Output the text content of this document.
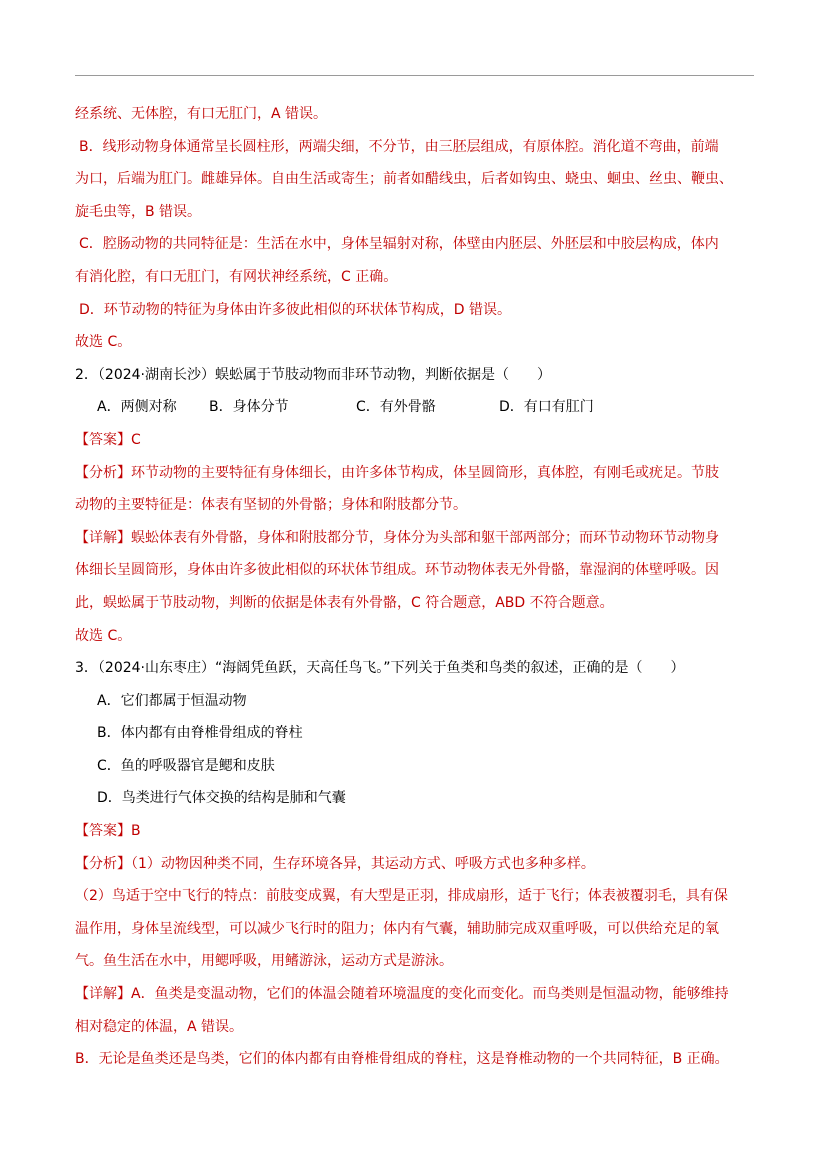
经系统、无体腔，有口无肛门，A 错误。
B．线形动物身体通常呈长圆柱形，两端尖细，不分节，由三胚层组成，有原体腔。消化道不弯曲，前端
为口，后端为肛门。雌雄异体。自由生活或寄生；前者如醋线虫，后者如钩虫、蛲虫、蛔虫、丝虫、鞭虫、
旋毛虫等，B 错误。
C．腔肠动物的共同特征是：生活在水中，身体呈辐射对称，体壁由内胚层、外胚层和中胶层构成，体内
有消化腔，有口无肛门，有网状神经系统，C 正确。
D．环节动物的特征为身体由许多彼此相似的环状体节构成，D 错误。
故选 C。
2．（2024·湖南长沙）蜈蚣属于节肢动物而非环节动物，判断依据是（　　）
A．两侧对称 B．身体分节	C．有外骨骼	D．有口有肛门
【答案】C
【分析】环节动物的主要特征有身体细长，由许多体节构成，体呈圆筒形，真体腔，有刚毛或疣足。节肢
动物的主要特征是：体表有坚韧的外骨骼；身体和附肢都分节。
【详解】蜈蚣体表有外骨骼，身体和附肢都分节，身体分为头部和躯干部两部分；而环节动物环节动物身
体细长呈圆筒形，身体由许多彼此相似的环状体节组成。环节动物体表无外骨骼，靠湿润的体壁呼吸。因
此，蜈蚣属于节肢动物，判断的依据是体表有外骨骼，C 符合题意，ABD 不符合题意。
故选 C。
3．（2024·山东枣庄）“海阔凭鱼跃，天高任鸟飞。”下列关于鱼类和鸟类的叙述，正确的是（　　）
A．它们都属于恒温动物
B．体内都有由脊椎骨组成的脊柱
C．鱼的呼吸器官是鳃和皮肤
D．鸟类进行气体交换的结构是肺和气囊
【答案】B
【分析】（1）动物因种类不同，生存环境各异，其运动方式、呼吸方式也多种多样。
（2）鸟适于空中飞行的特点：前肢变成翼，有大型是正羽，排成扇形，适于飞行；体表被覆羽毛，具有保
温作用，身体呈流线型，可以减少飞行时的阻力；体内有气囊，辅助肺完成双重呼吸，可以供给充足的氧
气。鱼生活在水中，用鳃呼吸，用鳍游泳，运动方式是游泳。
【详解】A．鱼类是变温动物，它们的体温会随着环境温度的变化而变化。而鸟类则是恒温动物，能够维持
相对稳定的体温，A 错误。
B．无论是鱼类还是鸟类，它们的体内都有由脊椎骨组成的脊柱，这是脊椎动物的一个共同特征，B 正确。
